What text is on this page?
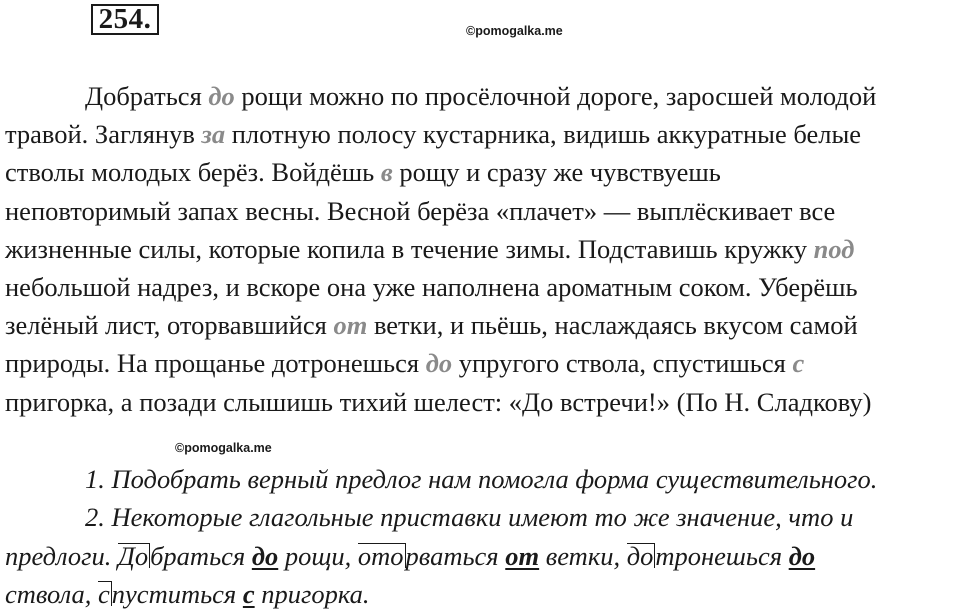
254.	©pomogalka.me
Добраться до рощи можно по просёлочной дороге, заросшей молодой
травой. Заглянув за плотную полосу кустарника, видишь аккуратные белые
стволы молодых берёз. Войдёшь в рощу и сразу же чувствуешь
неповторимый запах весны. Весной берёза «плачет» — выплёскивает все
жизненные силы, которые копила в течение зимы. Подставишь кружку под
небольшой надрез, и вскоре она уже наполнена ароматным соком. Уберёшь
зелёный лист, оторвавшийся от ветки, и пьёшь, наслаждаясь вкусом самой
природы. На прощанье дотронешься до упругого ствола, спустишься с
пригорка, а позади слышишь тихий шелест: «До встречи!» (По Н. Сладкову)
©pomogalka.me
1. Подобрать верный предлог нам помогла форма существительного.
2. Некоторые глагольные приставки имеют то же значение, что и
предлоги. Добраться до рощи, оторваться от ветки, дотронешься до
ствола, спуститься с пригорка.
